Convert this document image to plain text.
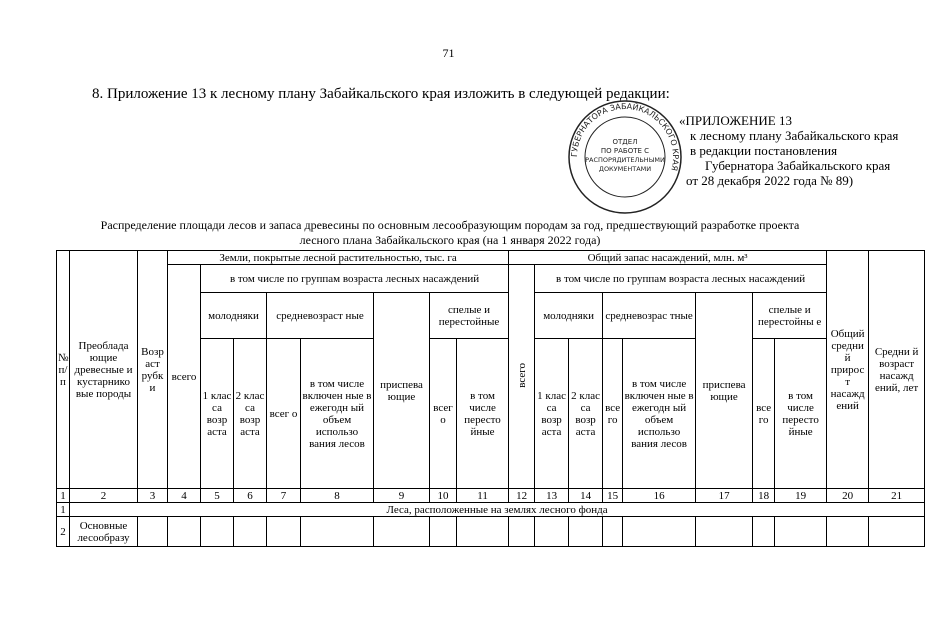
71
8. Приложение 13 к лесному плану Забайкальского края изложить в следующей редакции:
ГУБЕРНАТОРА ЗАБАЙКАЛЬСКОГО КРАЯ
ОТДЕЛ
ПО РАБОТЕ С
РАСПОРЯДИТЕЛЬНЫМИ
ДОКУМЕНТАМИ
«ПРИЛОЖЕНИЕ 13
к лесному плану Забайкальского края
в редакции постановления
Губернатора Забайкальского края
от 28 декабря 2022 года № 89)
Распределение площади лесов и запаса древесины по основным лесообразующим породам за год, предшествующий разработке проекта
лесного плана Забайкальского края (на 1 января 2022 года)
№ п/ п	Преоблада ющие древесные и кустарнико вые породы	Возр аст рубк и	Земли, покрытые лесной растительностью, тыс. га								Общий запас насаждений, млн. м³								Общий средни й прирос т насажд ений	Средни й возраст насажд ений, лет
			всего	в том числе по группам возраста лесных насаждений							всего	в том числе по группам возраста лесных насаждений								
				молодняки		средневозраст ные		приспева ющие	спелые и перестойные			молодняки		средневозрас тные		приспева ющие	спелые и перестойны е			
				1 клас са возр аста	2 клас са возр аста	всег о	в том числе включен ные в ежегодн ый объем использо вания лесов		всег о	в том числе пересто йные		1 клас са возр аста	2 клас са возр аста	все го	в том числе включен ные в ежегодн ый объем использо вания лесов		все го	в том числе пересто йные		

1	2	3	4	5	6	7	8	9	10	11	12	13	14	15	16	17	18	19	20	21
1	Леса, расположенные на землях лесного фонда																			
2	Основные лесообразу																			
